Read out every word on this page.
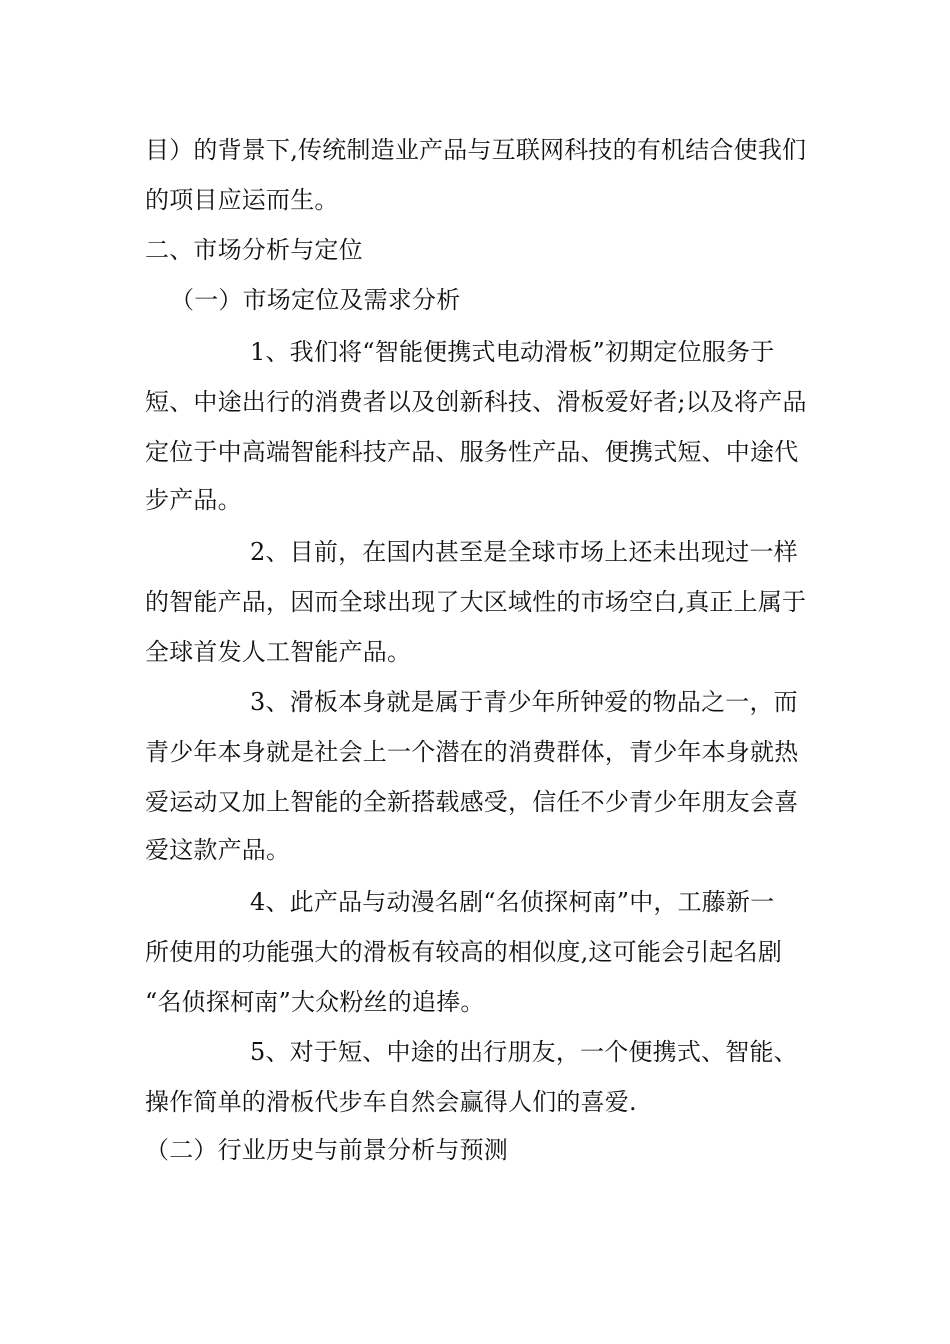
目）的背景下,传统制造业产品与互联网科技的有机结合使我们
的项目应运而生。
二、市场分析与定位
（一）市场定位及需求分析
1、我们将“智能便携式电动滑板”初期定位服务于
短、中途出行的消费者以及创新科技、滑板爱好者;以及将产品
定位于中高端智能科技产品、服务性产品、便携式短、中途代
步产品。
2、目前，在国内甚至是全球市场上还未出现过一样
的智能产品，因而全球出现了大区域性的市场空白,真正上属于
全球首发人工智能产品。
3、滑板本身就是属于青少年所钟爱的物品之一，而
青少年本身就是社会上一个潜在的消费群体，青少年本身就热
爱运动又加上智能的全新搭载感受，信任不少青少年朋友会喜
爱这款产品。
4、此产品与动漫名剧“名侦探柯南”中，工藤新一
所使用的功能强大的滑板有较高的相似度,这可能会引起名剧
“名侦探柯南”大众粉丝的追捧。
5、对于短、中途的出行朋友，一个便携式、智能、
操作简单的滑板代步车自然会赢得人们的喜爱.
（二）行业历史与前景分析与预测
